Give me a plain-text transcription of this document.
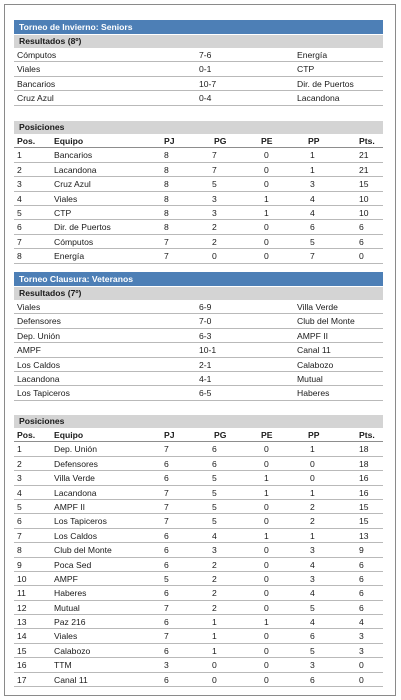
Torneo de Invierno: Seniors
Resultados (8º)
Cómputos	7-6	Energía
Viales	0-1	CTP
Bancarios	10-7	Dir. de Puertos
Cruz Azul	0-4	Lacandona
Posiciones
Pos. Equipo	PJ	PG	PE	PP	Pts.
1	Bancarios	8	7	0	1	21
2	Lacandona	8	7	0	1	21
3	Cruz Azul	8	5	0	3	15
4	Viales	8	3	1	4	10
5	CTP	8	3	1	4	10
6	Dir. de Puertos	8	2	0	6	6
7	Cómputos	7	2	0	5	6
8	Energía	7	0	0	7	0
Torneo Clausura: Veteranos
Resultados (7º)
Viales	6-9	Villa Verde
Defensores	7-0	Club del Monte
Dep. Unión	6-3	AMPF II
AMPF	10-1	Canal 11
Los Caldos	2-1	Calabozo
Lacandona	4-1	Mutual
Los Tapiceros	6-5	Haberes
Posiciones
Pos. Equipo	PJ	PG	PE	PP	Pts.
1	Dep. Unión	7	6	0	1	18
2	Defensores	6	6	0	0	18
3	Villa Verde	6	5	1	0	16
4	Lacandona	7	5	1	1	16
5	AMPF II	7	5	0	2	15
6	Los Tapiceros	7	5	0	2	15
7	Los Caldos	6	4	1	1	13
8	Club del Monte	6	3	0	3	9
9	Poca Sed	6	2	0	4	6
10	AMPF	5	2	0	3	6
11	Haberes	6	2	0	4	6
12	Mutual	7	2	0	5	6
13	Paz 216	6	1	1	4	4
14	Viales	7	1	0	6	3
15	Calabozo	6	1	0	5	3
16	TTM	3	0	0	3	0
17	Canal 11	6	0	0	6	0
